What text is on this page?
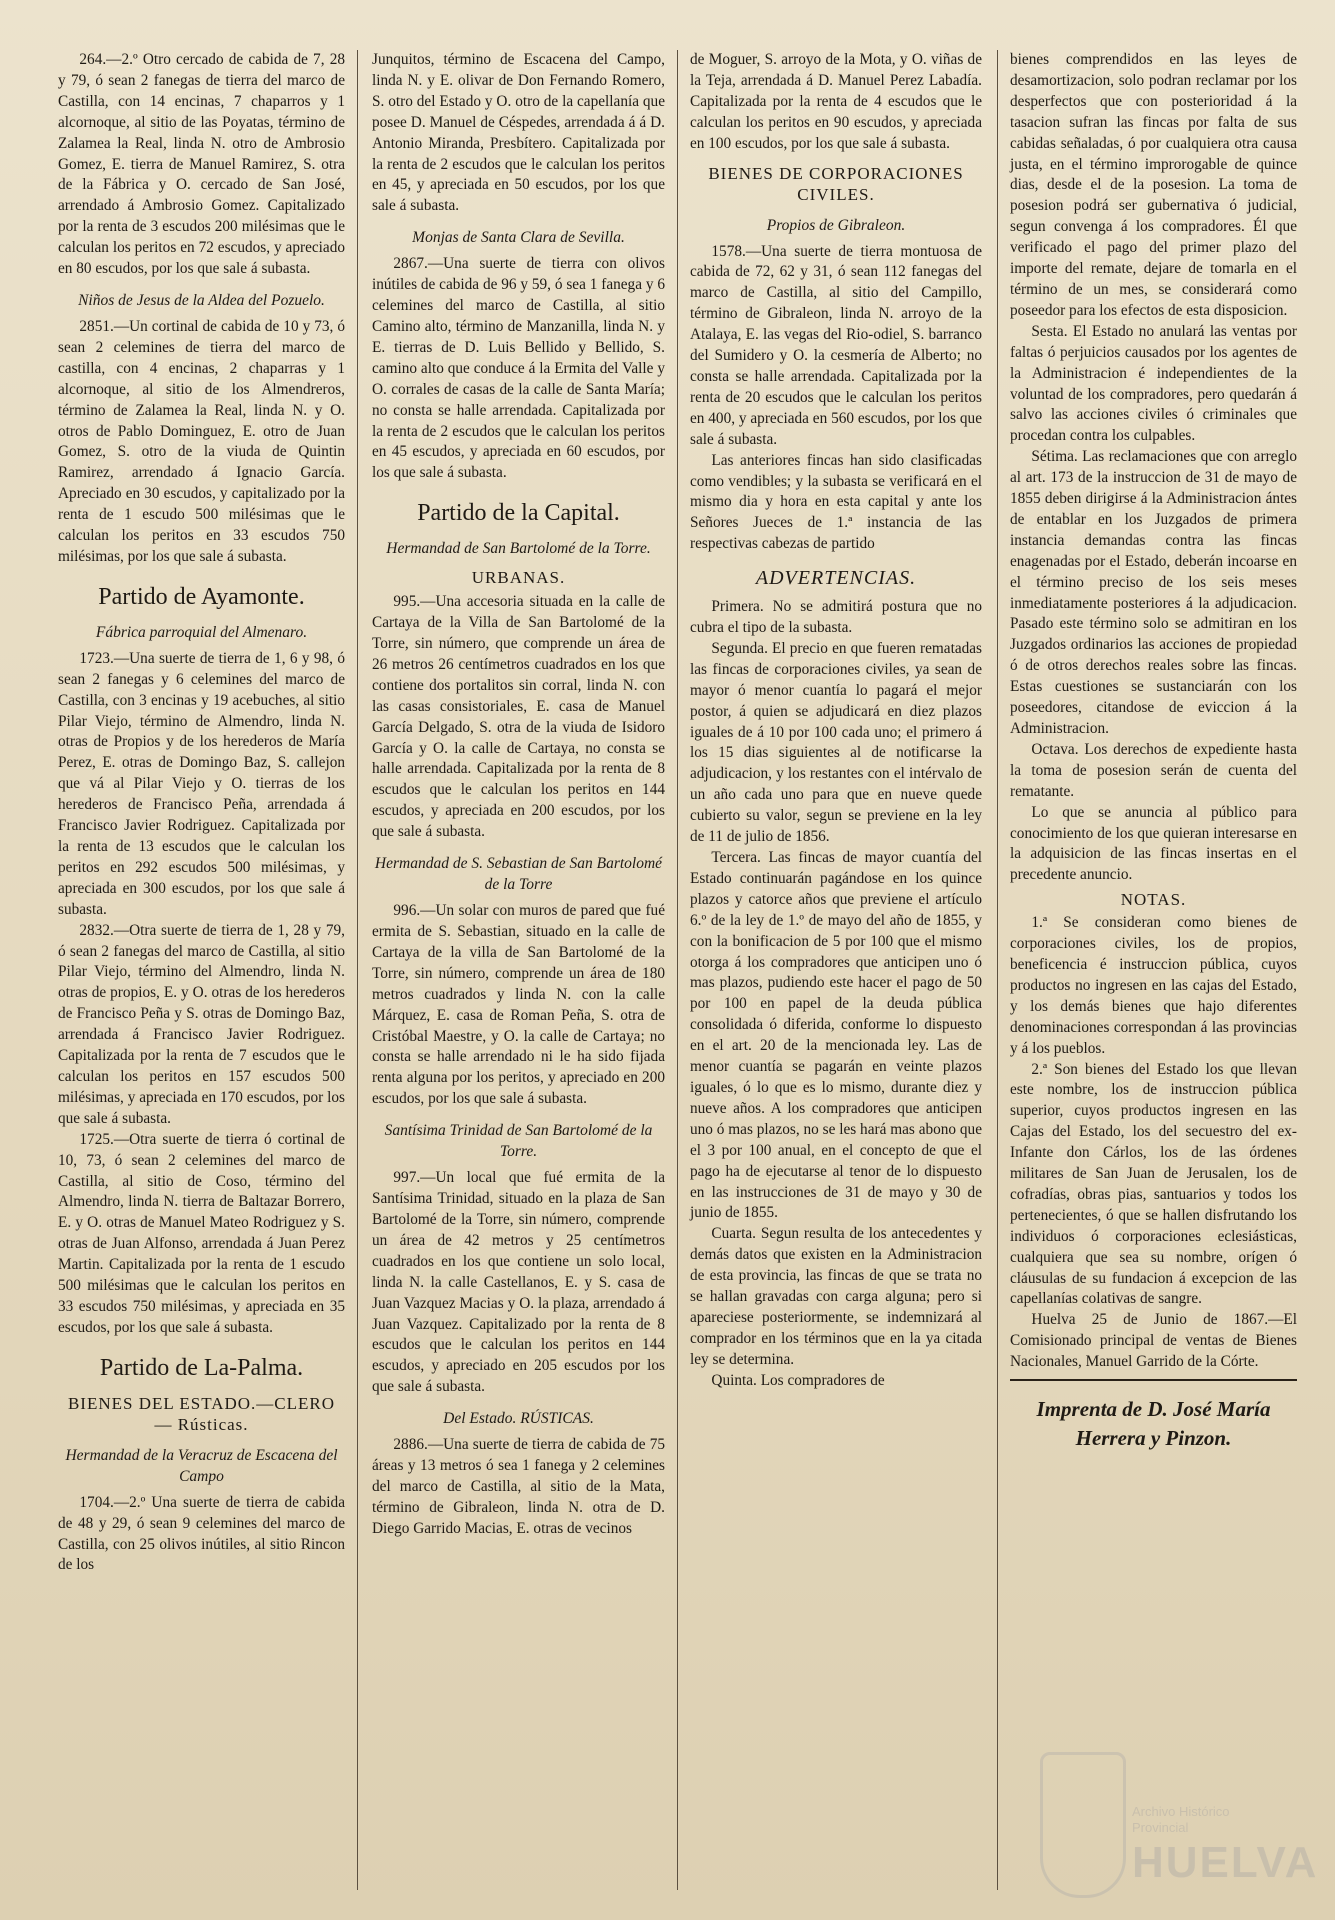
264.—2.º Otro cercado de cabida de 7, 28 y 79, ó sean 2 fanegas de tierra del marco de Castilla, con 14 encinas, 7 chaparros y 1 alcornoque, al sitio de las Poyatas, término de Zalamea la Real, linda N. otro de Ambrosio Gomez, E. tierra de Manuel Ramirez, S. otra de la Fábrica y O. cercado de San José, arrendado á Ambrosio Gomez. Capitalizado por la renta de 3 escudos 200 milésimas que le calculan los peritos en 72 escudos, y apreciado en 80 escudos, por los que sale á subasta.

Niños de Jesus de la Aldea del Pozuelo.

2851.—Un cortinal de cabida de 10 y 73, ó sean 2 celemines de tierra del marco de castilla, con 4 encinas, 2 chaparras y 1 alcornoque, al sitio de los Almendreros, término de Zalamea la Real, linda N. y O. otros de Pablo Dominguez, E. otro de Juan Gomez, S. otro de la viuda de Quintin Ramirez, arrendado á Ignacio García. Apreciado en 30 escudos, y capitalizado por la renta de 1 escudo 500 milésimas que le calculan los peritos en 33 escudos 750 milésimas, por los que sale á subasta.

Partido de Ayamonte.
Fábrica parroquial del Almenaro.

1723.—Una suerte de tierra de 1, 6 y 98, ó sean 2 fanegas y 6 celemines del marco de Castilla, con 3 encinas y 19 acebuches, al sitio Pilar Viejo, término de Almendro, linda N. otras de Propios y de los herederos de María Perez, E. otras de Domingo Baz, S. callejon que vá al Pilar Viejo y O. tierras de los herederos de Francisco Peña, arrendada á Francisco Javier Rodriguez. Capitalizada por la renta de 13 escudos que le calculan los peritos en 292 escudos 500 milésimas, y apreciada en 300 escudos, por los que sale á subasta.

2832.—Otra suerte de tierra de 1, 28 y 79, ó sean 2 fanegas del marco de Castilla, al sitio Pilar Viejo, término del Almendro, linda N. otras de propios, E. y O. otras de los herederos de Francisco Peña y S. otras de Domingo Baz, arrendada á Francisco Javier Rodriguez. Capitalizada por la renta de 7 escudos que le calculan los peritos en 157 escudos 500 milésimas, y apreciada en 170 escudos, por los que sale á subasta.

1725.—Otra suerte de tierra ó cortinal de 10, 73, ó sean 2 celemines del marco de Castilla, al sitio de Coso, término del Almendro, linda N. tierra de Baltazar Borrero, E. y O. otras de Manuel Mateo Rodriguez y S. otras de Juan Alfonso, arrendada á Juan Perez Martin. Capitalizada por la renta de 1 escudo 500 milésimas que le calculan los peritos en 33 escudos 750 milésimas, y apreciada en 35 escudos, por los que sale á subasta.

Partido de La-Palma.
BIENES DEL ESTADO.—CLERO — Rústicas.
Hermandad de la Veracruz de Escacena del Campo

1704.—2.º Una suerte de tierra de cabida de 48 y 29, ó sean 9 celemines del marco de Castilla, con 25 olivos inútiles, al sitio Rincon de los

Junquitos, término de Escacena del Campo, linda N. y E. olivar de Don Fernando Romero, S. otro del Estado y O. otro de la capellanía que posee D. Manuel de Céspedes, arrendada á á D. Antonio Miranda, Presbítero. Capitalizada por la renta de 2 escudos que le calculan los peritos en 45, y apreciada en 50 escudos, por los que sale á subasta.

Monjas de Santa Clara de Sevilla.

2867.—Una suerte de tierra con olivos inútiles de cabida de 96 y 59, ó sea 1 fanega y 6 celemines del marco de Castilla, al sitio Camino alto, término de Manzanilla, linda N. y E. tierras de D. Luis Bellido y Bellido, S. camino alto que conduce á la Ermita del Valle y O. corrales de casas de la calle de Santa María; no consta se halle arrendada. Capitalizada por la renta de 2 escudos que le calculan los peritos en 45 escudos, y apreciada en 60 escudos, por los que sale á subasta.

Partido de la Capital.
Hermandad de San Bartolomé de la Torre.
URBANAS.

995.—Una accesoria situada en la calle de Cartaya de la Villa de San Bartolomé de la Torre, sin número, que comprende un área de 26 metros 26 centímetros cuadrados en los que contiene dos portalitos sin corral, linda N. con las casas consistoriales, E. casa de Manuel García Delgado, S. otra de la viuda de Isidoro García y O. la calle de Cartaya, no consta se halle arrendada. Capitalizada por la renta de 8 escudos que le calculan los peritos en 144 escudos, y apreciada en 200 escudos, por los que sale á subasta.

Hermandad de S. Sebastian de San Bartolomé de la Torre

996.—Un solar con muros de pared que fué ermita de S. Sebastian, situado en la calle de Cartaya de la villa de San Bartolomé de la Torre, sin número, comprende un área de 180 metros cuadrados y linda N. con la calle Márquez, E. casa de Roman Peña, S. otra de Cristóbal Maestre, y O. la calle de Cartaya; no consta se halle arrendado ni le ha sido fijada renta alguna por los peritos, y apreciado en 200 escudos, por los que sale á subasta.

Santísima Trinidad de San Bartolomé de la Torre.

997.—Un local que fué ermita de la Santísima Trinidad, situado en la plaza de San Bartolomé de la Torre, sin número, comprende un área de 42 metros y 25 centímetros cuadrados en los que contiene un solo local, linda N. la calle Castellanos, E. y S. casa de Juan Vazquez Macias y O. la plaza, arrendado á Juan Vazquez. Capitalizado por la renta de 8 escudos que le calculan los peritos en 144 escudos, y apreciado en 205 escudos por los que sale á subasta.

Del Estado. RÚSTICAS.

2886.—Una suerte de tierra de cabida de 75 áreas y 13 metros ó sea 1 fanega y 2 celemines del marco de Castilla, al sitio de la Mata, término de Gibraleon, linda N. otra de D. Diego Garrido Macias, E. otras de vecinos

de Moguer, S. arroyo de la Mota, y O. viñas de la Teja, arrendada á D. Manuel Perez Labadía. Capitalizada por la renta de 4 escudos que le calculan los peritos en 90 escudos, y apreciada en 100 escudos, por los que sale á subasta.

BIENES DE CORPORACIONES CIVILES.
Propios de Gibraleon.

1578.—Una suerte de tierra montuosa de cabida de 72, 62 y 31, ó sean 112 fanegas del marco de Castilla, al sitio del Campillo, término de Gibraleon, linda N. arroyo de la Atalaya, E. las vegas del Rio-odiel, S. barranco del Sumidero y O. la cesmería de Alberto; no consta se halle arrendada. Capitalizada por la renta de 20 escudos que le calculan los peritos en 400, y apreciada en 560 escudos, por los que sale á subasta.

Las anteriores fincas han sido clasificadas como vendibles; y la subasta se verificará en el mismo dia y hora en esta capital y ante los Señores Jueces de 1.ª instancia de las respectivas cabezas de partido

ADVERTENCIAS.

Primera. No se admitirá postura que no cubra el tipo de la subasta.

Segunda. El precio en que fueren rematadas las fincas de corporaciones civiles, ya sean de mayor ó menor cuantía lo pagará el mejor postor, á quien se adjudicará en diez plazos iguales de á 10 por 100 cada uno; el primero á los 15 dias siguientes al de notificarse la adjudicacion, y los restantes con el intérvalo de un año cada uno para que en nueve quede cubierto su valor, segun se previene en la ley de 11 de julio de 1856.

Tercera. Las fincas de mayor cuantía del Estado continuarán pagándose en los quince plazos y catorce años que previene el artículo 6.º de la ley de 1.º de mayo del año de 1855, y con la bonificacion de 5 por 100 que el mismo otorga á los compradores que anticipen uno ó mas plazos, pudiendo este hacer el pago de 50 por 100 en papel de la deuda pública consolidada ó diferida, conforme lo dispuesto en el art. 20 de la mencionada ley. Las de menor cuantía se pagarán en veinte plazos iguales, ó lo que es lo mismo, durante diez y nueve años. A los compradores que anticipen uno ó mas plazos, no se les hará mas abono que el 3 por 100 anual, en el concepto de que el pago ha de ejecutarse al tenor de lo dispuesto en las instrucciones de 31 de mayo y 30 de junio de 1855.

Cuarta. Segun resulta de los antecedentes y demás datos que existen en la Administracion de esta provincia, las fincas de que se trata no se hallan gravadas con carga alguna; pero si apareciese posteriormente, se indemnizará al comprador en los términos que en la ya citada ley se determina.

Quinta. Los compradores de

bienes comprendidos en las leyes de desamortizacion, solo podran reclamar por los desperfectos que con posterioridad á la tasacion sufran las fincas por falta de sus cabidas señaladas, ó por cualquiera otra causa justa, en el término improrogable de quince dias, desde el de la posesion. La toma de posesion podrá ser gubernativa ó judicial, segun convenga á los compradores. Él que verificado el pago del primer plazo del importe del remate, dejare de tomarla en el término de un mes, se considerará como poseedor para los efectos de esta disposicion.

Sesta. El Estado no anulará las ventas por faltas ó perjuicios causados por los agentes de la Administracion é independientes de la voluntad de los compradores, pero quedarán á salvo las acciones civiles ó criminales que procedan contra los culpables.

Sétima. Las reclamaciones que con arreglo al art. 173 de la instruccion de 31 de mayo de 1855 deben dirigirse á la Administracion ántes de entablar en los Juzgados de primera instancia demandas contra las fincas enagenadas por el Estado, deberán incoarse en el término preciso de los seis meses inmediatamente posteriores á la adjudicacion. Pasado este término solo se admitiran en los Juzgados ordinarios las acciones de propiedad ó de otros derechos reales sobre las fincas. Estas cuestiones se sustanciarán con los poseedores, citandose de eviccion á la Administracion.

Octava. Los derechos de expediente hasta la toma de posesion serán de cuenta del rematante.

Lo que se anuncia al público para conocimiento de los que quieran interesarse en la adquisicion de las fincas insertas en el precedente anuncio.

NOTAS.

1.ª Se consideran como bienes de corporaciones civiles, los de propios, beneficencia é instruccion pública, cuyos productos no ingresen en las cajas del Estado, y los demás bienes que hajo diferentes denominaciones correspondan á las provincias y á los pueblos.

2.ª Son bienes del Estado los que llevan este nombre, los de instruccion pública superior, cuyos productos ingresen en las Cajas del Estado, los del secuestro del ex-Infante don Cárlos, los de las órdenes militares de San Juan de Jerusalen, los de cofradías, obras pias, santuarios y todos los pertenecientes, ó que se hallen disfrutando los individuos ó corporaciones eclesiásticas, cualquiera que sea su nombre, orígen ó cláusulas de su fundacion á excepcion de las capellanías colativas de sangre.

Huelva 25 de Junio de 1867.—El Comisionado principal de ventas de Bienes Nacionales, Manuel Garrido de la Córte.

Imprenta de D. José María Herrera y Pinzon.
Archivo Histórico Provincial
HUELVA
